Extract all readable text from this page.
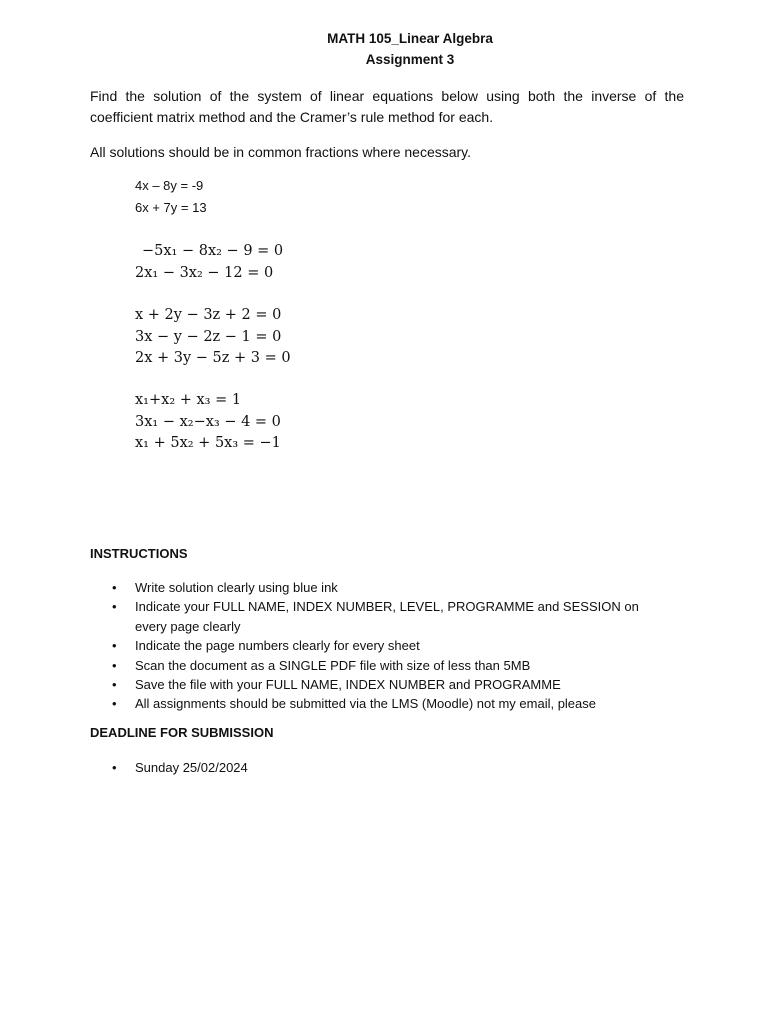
MATH 105_Linear Algebra
Assignment 3
Find the solution of the system of linear equations below using both the inverse of the coefficient matrix method and the Cramer’s rule method for each.
All solutions should be in common fractions where necessary.
4x – 8y = -9
6x + 7y = 13
−5x₁ − 8x₂ − 9 = 0
2x₁ − 3x₂ − 12 = 0
x + 2y − 3z + 2 = 0
3x − y − 2z − 1 = 0
2x + 3y − 5z + 3 = 0
x₁+x₂ + x₃ = 1
3x₁ − x₂−x₃ − 4 = 0
x₁ + 5x₂ + 5x₃ = −1
INSTRUCTIONS
• Write solution clearly using blue ink
• Indicate your FULL NAME, INDEX NUMBER, LEVEL, PROGRAMME and SESSION on every page clearly
• Indicate the page numbers clearly for every sheet
• Scan the document as a SINGLE PDF file with size of less than 5MB
• Save the file with your FULL NAME, INDEX NUMBER and PROGRAMME
• All assignments should be submitted via the LMS (Moodle) not my email, please
DEADLINE FOR SUBMISSION
• Sunday 25/02/2024
